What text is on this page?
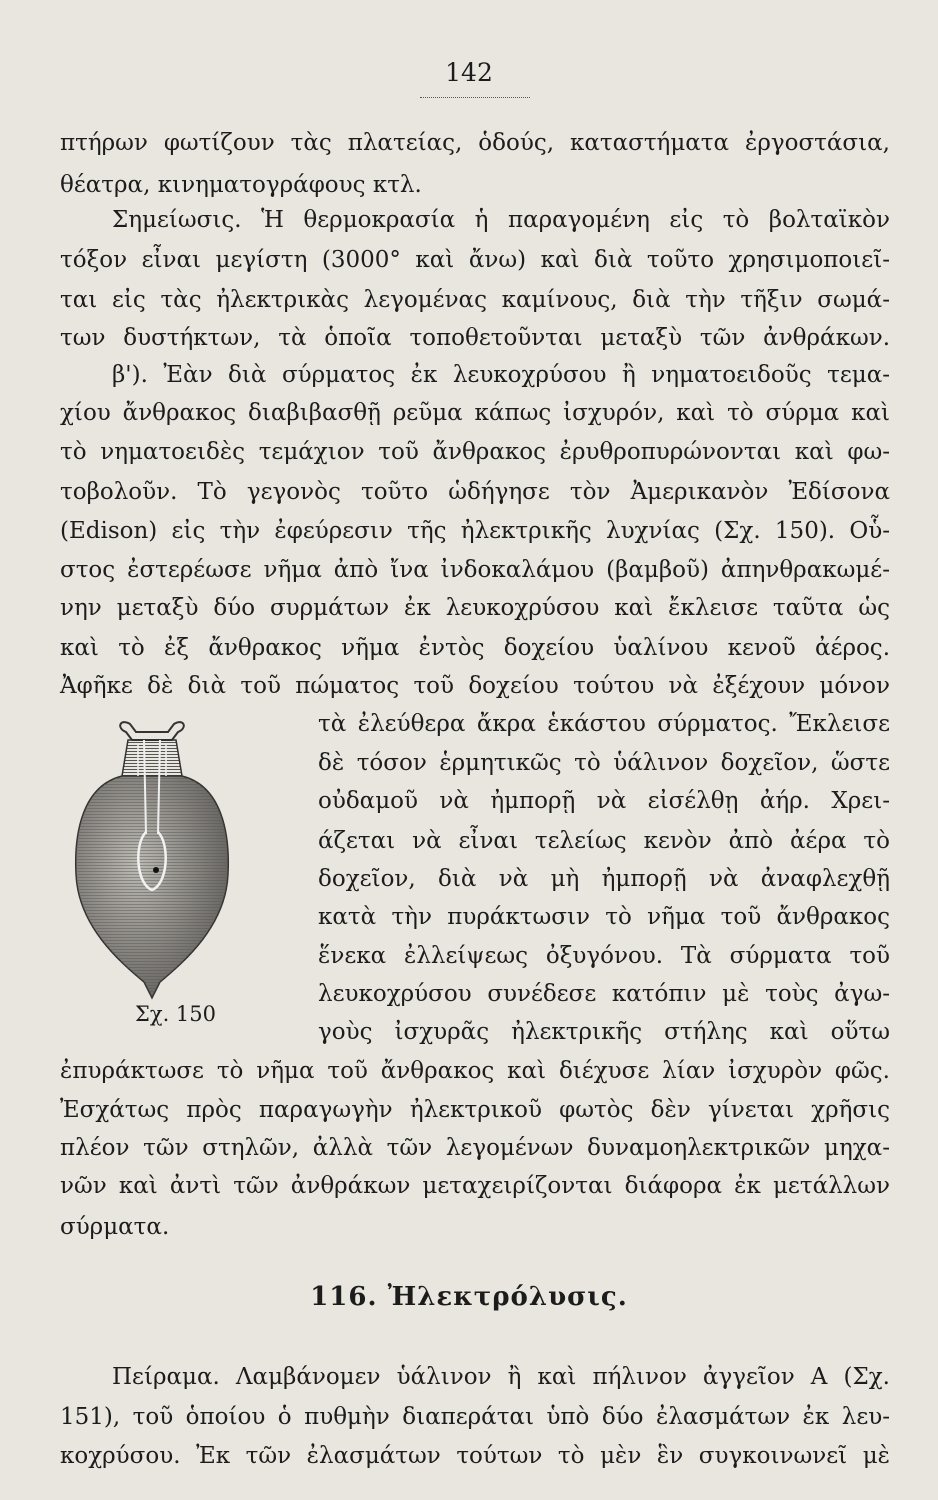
142
πτήρων φωτίζουν τὰς πλατείας, ὁδούς, καταστήματα ἐργοστάσια,
θέατρα, κινηματογράφους κτλ.
Σημείωσις. Ἡ θερμοκρασία ἡ παραγομένη εἰς τὸ βολταϊκὸν
τόξον εἶναι μεγίστη (3000° καὶ ἄνω) καὶ διὰ τοῦτο χρησιμοποιεῖ-
ται εἰς τὰς ἠλεκτρικὰς λεγομένας καμίνους, διὰ τὴν τῆξιν σωμά-
των δυστήκτων, τὰ ὁποῖα τοποθετοῦνται μεταξὺ τῶν ἀνθράκων.
β'). Ἐὰν διὰ σύρματος ἐκ λευκοχρύσου ἢ νηματοειδοῦς τεμα-
χίου ἄνθρακος διαβιβασθῇ ρεῦμα κάπως ἰσχυρόν, καὶ τὸ σύρμα καὶ
τὸ νηματοειδὲς τεμάχιον τοῦ ἄνθρακος ἐρυθροπυρώνονται καὶ φω-
τοβολοῦν. Τὸ γεγονὸς τοῦτο ὡδήγησε τὸν Ἀμερικανὸν Ἐδίσονα
(Edison) εἰς τὴν ἐφεύρεσιν τῆς ἠλεκτρικῆς λυχνίας (Σχ. 150). Οὗ-
στος ἐστερέωσε νῆμα ἀπὸ ἴνα ἰνδοκαλάμου (βαμβοῦ) ἀπηνθρακωμέ-
νην μεταξὺ δύο συρμάτων ἐκ λευκοχρύσου καὶ ἔκλεισε ταῦτα ὡς
καὶ τὸ ἐξ ἄνθρακος νῆμα ἐντὸς δοχείου ὑαλίνου κενοῦ ἀέρος.
Ἀφῆκε δὲ διὰ τοῦ πώματος τοῦ δοχείου τούτου νὰ ἐξέχουν μόνον
τὰ ἐλεύθερα ἄκρα ἑκάστου σύρματος. Ἔκλεισε
δὲ τόσον ἑρμητικῶς τὸ ὑάλινον δοχεῖον, ὥστε
οὐδαμοῦ νὰ ἠμπορῇ νὰ εἰσέλθῃ ἀήρ. Χρει-
άζεται νὰ εἶναι τελείως κενὸν ἀπὸ ἀέρα τὸ
δοχεῖον, διὰ νὰ μὴ ἠμπορῇ νὰ ἀναφλεχθῇ
κατὰ τὴν πυράκτωσιν τὸ νῆμα τοῦ ἄνθρακος
ἕνεκα ἐλλείψεως ὀξυγόνου. Τὰ σύρματα τοῦ
λευκοχρύσου συνέδεσε κατόπιν μὲ τοὺς ἀγω-
γοὺς ἰσχυρᾶς ἠλεκτρικῆς στήλης καὶ οὕτω
ἐπυράκτωσε τὸ νῆμα τοῦ ἄνθρακος καὶ διέχυσε λίαν ἰσχυρὸν φῶς.
Ἐσχάτως πρὸς παραγωγὴν ἠλεκτρικοῦ φωτὸς δὲν γίνεται χρῆσις
πλέον τῶν στηλῶν, ἀλλὰ τῶν λεγομένων δυναμοηλεκτρικῶν μηχα-
νῶν καὶ ἀντὶ τῶν ἀνθράκων μεταχειρίζονται διάφορα ἐκ μετάλλων
σύρματα.
116. Ἠλεκτρόλυσις.
Πείραμα. Λαμβάνομεν ὑάλινον ἢ καὶ πήλινον ἀγγεῖον Α (Σχ.
151), τοῦ ὁποίου ὁ πυθμὴν διαπεράται ὑπὸ δύο ἐλασμάτων ἐκ λευ-
κοχρύσου. Ἐκ τῶν ἐλασμάτων τούτων τὸ μὲν ἓν συγκοινωνεῖ μὲ
Σχ. 150
